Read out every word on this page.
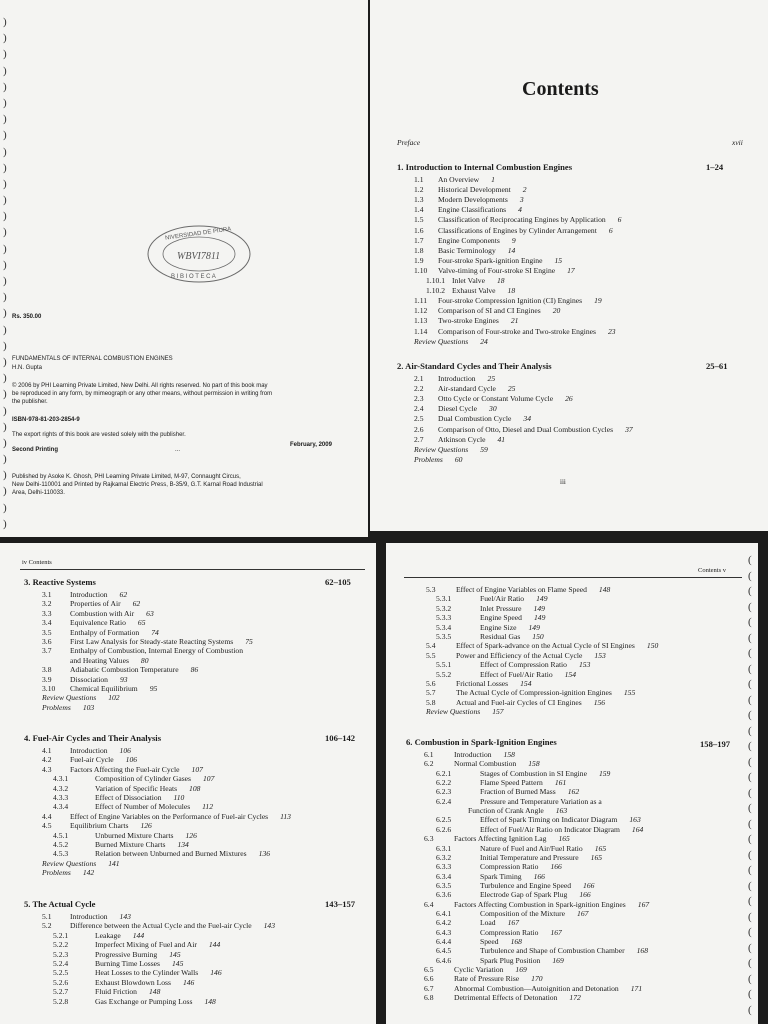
)
)
)
)
)
)
)
)
)
)
)
)
)
)
)
)
)
)
)
)
)
)
)
)
)
)
)
)
)
)
)
)
NIVERSIDAD DE PIURA
WBVI7811
B I B I O T E C A
Rs. 350.00
FUNDAMENTALS OF INTERNAL COMBUSTION ENGINES
H.N. Gupta
© 2006 by PHI Learning Private Limited, New Delhi. All rights reserved. No part of this book may
be reproduced in any form, by mimeograph or any other means, without permission in writing from
the publisher.
ISBN-978-81-203-2854-9
The export rights of this book are vested solely with the publisher.
Second Printing	...
February, 2009
Published by Asoke K. Ghosh, PHI Learning Private Limited, M-97, Connaught Circus,
New Delhi-110001 and Printed by Rajkamal Electric Press, B-35/9, G.T. Karnal Road Industrial
Area, Delhi-110033.
Contents
Preface	xvii
iii
1. Introduction to Internal Combustion Engines	1–24
1.1 An Overview 1
1.2 Historical Development 2
1.3 Modern Developments 3
1.4 Engine Classifications 4
1.5 Classification of Reciprocating Engines by Application 6
1.6 Classifications of Engines by Cylinder Arrangement 6
1.7 Engine Components 9
1.8 Basic Terminology 14
1.9 Four-stroke Spark-ignition Engine 15
1.10 Valve-timing of Four-stroke SI Engine 17
1.10.1 Inlet Valve 18
1.10.2 Exhaust Valve 18
1.11 Four-stroke Compression Ignition (CI) Engines 19
1.12 Comparison of SI and CI Engines 20
1.13 Two-stroke Engines 21
1.14 Comparison of Four-stroke and Two-stroke Engines 23
Review Questions 24
2. Air-Standard Cycles and Their Analysis	25–61
2.1 Introduction 25
2.2 Air-standard Cycle 25
2.3 Otto Cycle or Constant Volume Cycle 26
2.4 Diesel Cycle 30
2.5 Dual Combustion Cycle 34
2.6 Comparison of Otto, Diesel and Dual Combustion Cycles 37
2.7 Atkinson Cycle 41
Review Questions 59
Problems 60
iv Contents
3. Reactive Systems	62–105
3.1 Introduction 62
3.2 Properties of Air 62
3.3 Combustion with Air 63
3.4 Equivalence Ratio 65
3.5 Enthalpy of Formation 74
3.6 First Law Analysis for Steady-state Reacting Systems 75
3.7 Enthalpy of Combustion, Internal Energy of Combustion
and Heating Values 80
3.8 Adiabatic Combustion Temperature 86
3.9 Dissociation 93
3.10 Chemical Equilibrium 95
Review Questions 102
Problems 103
4. Fuel-Air Cycles and Their Analysis	106–142
4.1 Introduction 106
4.2 Fuel-air Cycle 106
4.3 Factors Affecting the Fuel-air Cycle 107
4.3.1	Composition of Cylinder Gases 107
4.3.2	Variation of Specific Heats 108
4.3.3	Effect of Dissociation 110
4.3.4	Effect of Number of Molecules 112
4.4 Effect of Engine Variables on the Performance of Fuel-air Cycles 113
4.5 Equilibrium Charts 126
4.5.1	Unburned Mixture Charts 126
4.5.2	Burned Mixture Charts 134
4.5.3	Relation between Unburned and Burned Mixtures 136
Review Questions 141
Problems 142
5. The Actual Cycle	143–157
5.1 Introduction 143
5.2 Difference between the Actual Cycle and the Fuel-air Cycle 143
5.2.1	Leakage 144
5.2.2	Imperfect Mixing of Fuel and Air 144
5.2.3	Progressive Burning 145
5.2.4	Burning Time Losses 145
5.2.5	Heat Losses to the Cylinder Walls 146
5.2.6	Exhaust Blowdown Loss 146
5.2.7	Fluid Friction 148
5.2.8	Gas Exchange or Pumping Loss 148
Contents v
(
(
(
(
(
(
(
(
(
(
(
(
(
(
(
(
(
(
(
(
(
(
(
(
(
(
(
(
(
(
5.3	Effect of Engine Variables on Flame Speed 148
5.3.1	Fuel/Air Ratio 149
5.3.2	Inlet Pressure 149
5.3.3	Engine Speed 149
5.3.4	Engine Size 149
5.3.5	Residual Gas 150
5.4	Effect of Spark-advance on the Actual Cycle of SI Engines 150
5.5	Power and Efficiency of the Actual Cycle 153
5.5.1	Effect of Compression Ratio 153
5.5.2	Effect of Fuel/Air Ratio 154
5.6	Frictional Losses 154
5.7	The Actual Cycle of Compression-ignition Engines 155
5.8	Actual and Fuel-air Cycles of CI Engines 156
Review Questions 157
6. Combustion in Spark-Ignition Engines	158–197
6.1	Introduction 158
6.2	Normal Combustion 158
6.2.1	Stages of Combustion in SI Engine 159
6.2.2	Flame Speed Pattern 161
6.2.3	Fraction of Burned Mass 162
6.2.4	Pressure and Temperature Variation as a
Function of Crank Angle 163
6.2.5	Effect of Spark Timing on Indicator Diagram 163
6.2.6	Effect of Fuel/Air Ratio on Indicator Diagram 164
6.3	Factors Affecting Ignition Lag 165
6.3.1	Nature of Fuel and Air/Fuel Ratio 165
6.3.2	Initial Temperature and Pressure 165
6.3.3	Compression Ratio 166
6.3.4	Spark Timing 166
6.3.5	Turbulence and Engine Speed 166
6.3.6	Electrode Gap of Spark Plug 166
6.4	Factors Affecting Combustion in Spark-ignition Engines 167
6.4.1	Composition of the Mixture 167
6.4.2	Load 167
6.4.3	Compression Ratio 167
6.4.4	Speed 168
6.4.5	Turbulence and Shape of Combustion Chamber 168
6.4.6	Spark Plug Position 169
6.5	Cyclic Variation 169
6.6	Rate of Pressure Rise 170
6.7	Abnormal Combustion—Autoignition and Detonation 171
6.8	Detrimental Effects of Detonation 172
